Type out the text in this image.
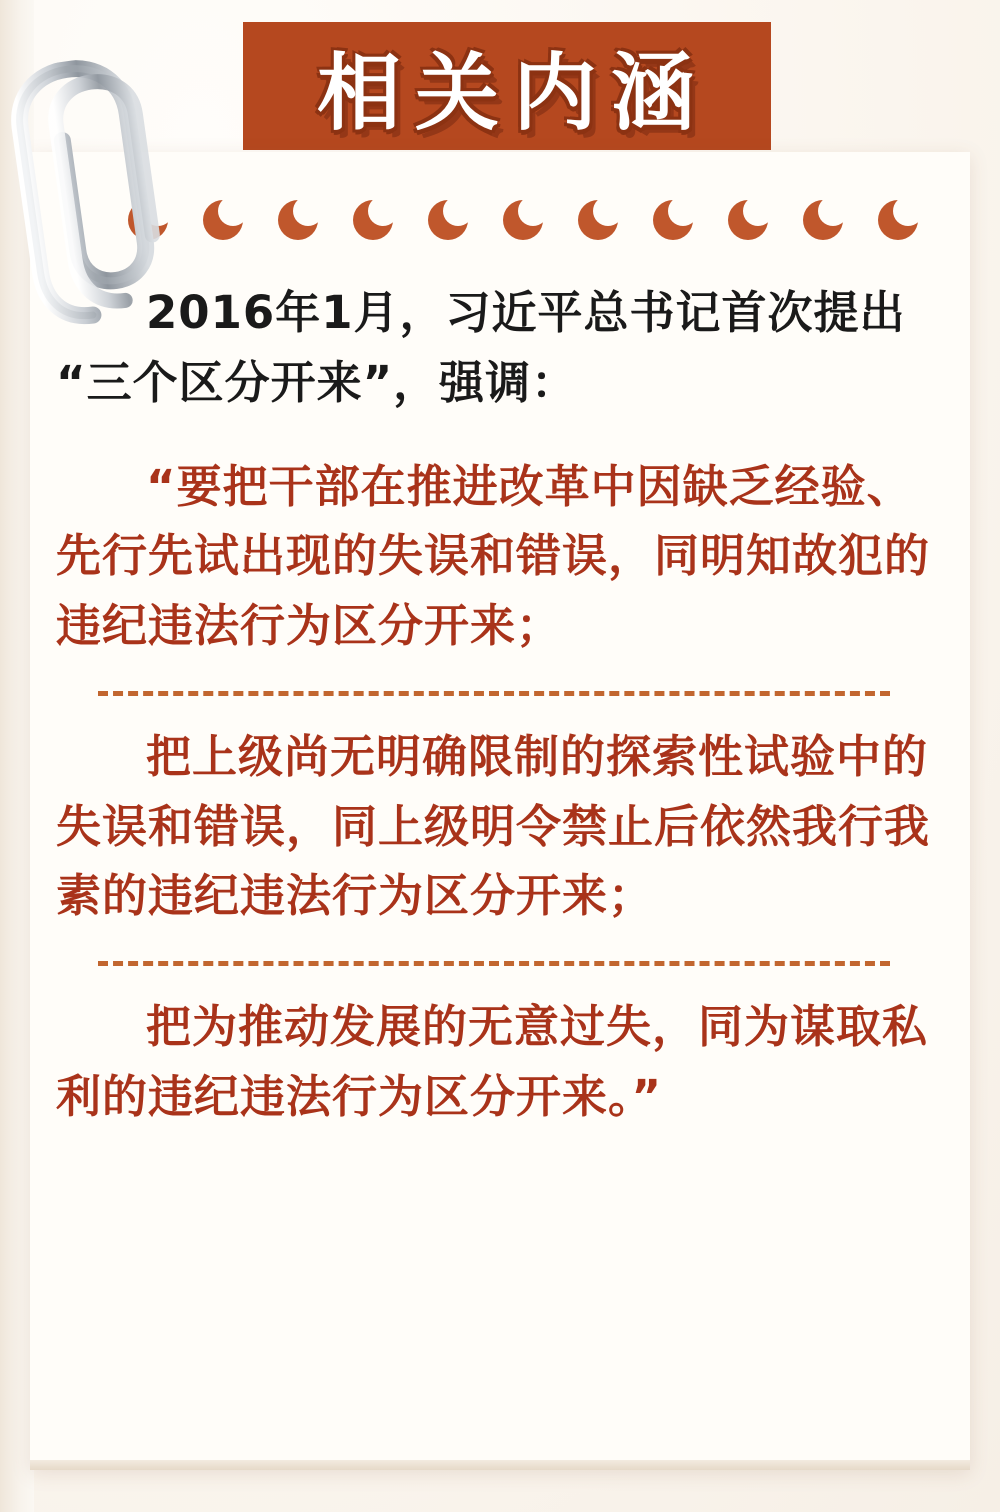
相关内涵

2016年1月，习近平总书记首次提出“三个区分开来”，强调：

“要把干部在推进改革中因缺乏经验、先行先试出现的失误和错误，同明知故犯的违纪违法行为区分开来；

把上级尚无明确限制的探索性试验中的失误和错误，同上级明令禁止后依然我行我素的违纪违法行为区分开来；

把为推动发展的无意过失，同为谋取私利的违纪违法行为区分开来。”
